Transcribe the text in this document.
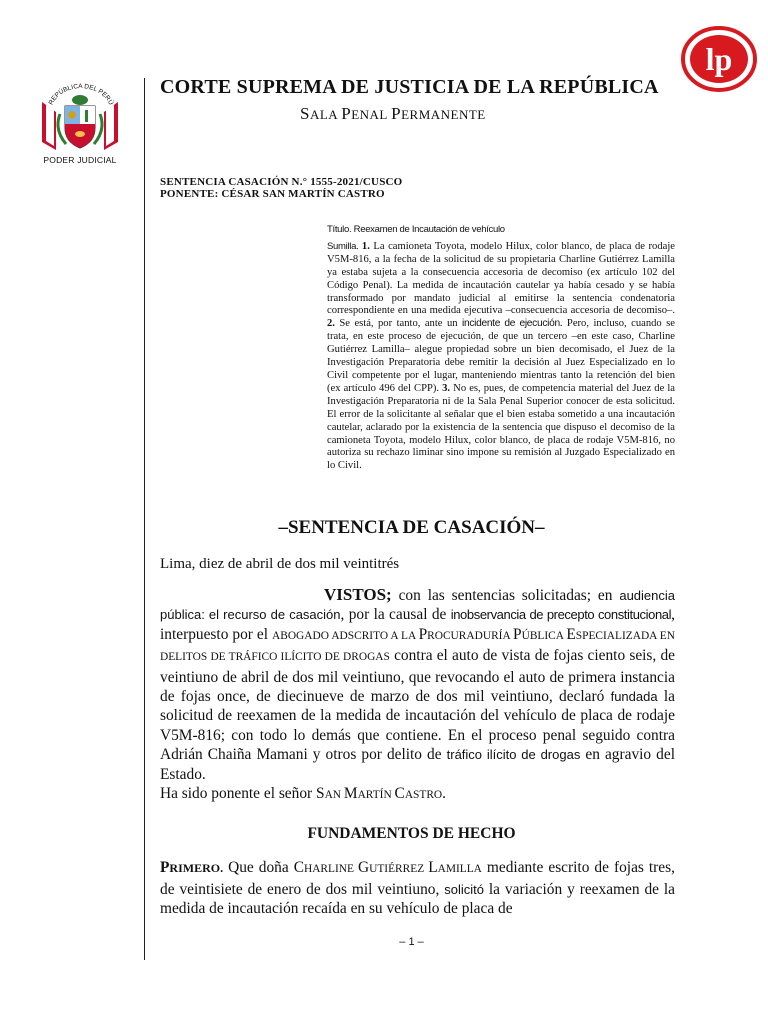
REPÚBLICA DEL PERÚ
PODER JUDICIAL
lp
CORTE SUPREMA DE JUSTICIA DE LA REPÚBLICA
SALA PENAL PERMANENTE
SENTENCIA CASACIÓN N.° 1555-2021/CUSCO
PONENTE: CÉSAR SAN MARTÍN CASTRO

Título. Reexamen de Incautación de vehículo

Sumilla. 1. La camioneta Toyota, modelo Hilux, color blanco, de placa de rodaje V5M-816, a la fecha de la solicitud de su propietaria Charline Gutiérrez Lamilla ya estaba sujeta a la consecuencia accesoria de decomiso (ex artículo 102 del Código Penal). La medida de incautación cautelar ya había cesado y se había transformado por mandato judicial al emitirse la sentencia condenatoria correspondiente en una medida ejecutiva –consecuencia accesoria de decomiso–. 2. Se está, por tanto, ante un incidente de ejecución. Pero, incluso, cuando se trata, en este proceso de ejecución, de que un tercero –en este caso, Charline Gutiérrez Lamilla– alegue propiedad sobre un bien decomisado, el Juez de la Investigación Preparatoria debe remitir la decisión al Juez Especializado en lo Civil competente por el lugar, manteniendo mientras tanto la retención del bien (ex artículo 496 del CPP). 3. No es, pues, de competencia material del Juez de la Investigación Preparatoria ni de la Sala Penal Superior conocer de esta solicitud. El error de la solicitante al señalar que el bien estaba sometido a una incautación cautelar, aclarado por la existencia de la sentencia que dispuso el decomiso de la camioneta Toyota, modelo Hilux, color blanco, de placa de rodaje V5M-816, no autoriza su rechazo liminar sino impone su remisión al Juzgado Especializado en lo Civil.

–SENTENCIA DE CASACIÓN–
Lima, diez de abril de dos mil veintitrés

VISTOS; con las sentencias solicitadas; en audiencia pública: el recurso de casación, por la causal de inobservancia de precepto constitucional, interpuesto por el ABOGADO ADSCRITO A LA PROCURADURÍA PÚBLICA ESPECIALIZADA EN DELITOS DE TRÁFICO ILÍCITO DE DROGAS contra el auto de vista de fojas ciento seis, de veintiuno de abril de dos mil veintiuno, que revocando el auto de primera instancia de fojas once, de diecinueve de marzo de dos mil veintiuno, declaró fundada la solicitud de reexamen de la medida de incautación del vehículo de placa de rodaje V5M-816; con todo lo demás que contiene. En el proceso penal seguido contra Adrián Chaiña Mamani y otros por delito de tráfico ilícito de drogas en agravio del Estado.

Ha sido ponente el señor SAN MARTÍN CASTRO.

FUNDAMENTOS DE HECHO

PRIMERO. Que doña CHARLINE GUTIÉRREZ LAMILLA mediante escrito de fojas tres, de veintisiete de enero de dos mil veintiuno, solicitó la variación y reexamen de la medida de incautación recaída en su vehículo de placa de

– 1 –
